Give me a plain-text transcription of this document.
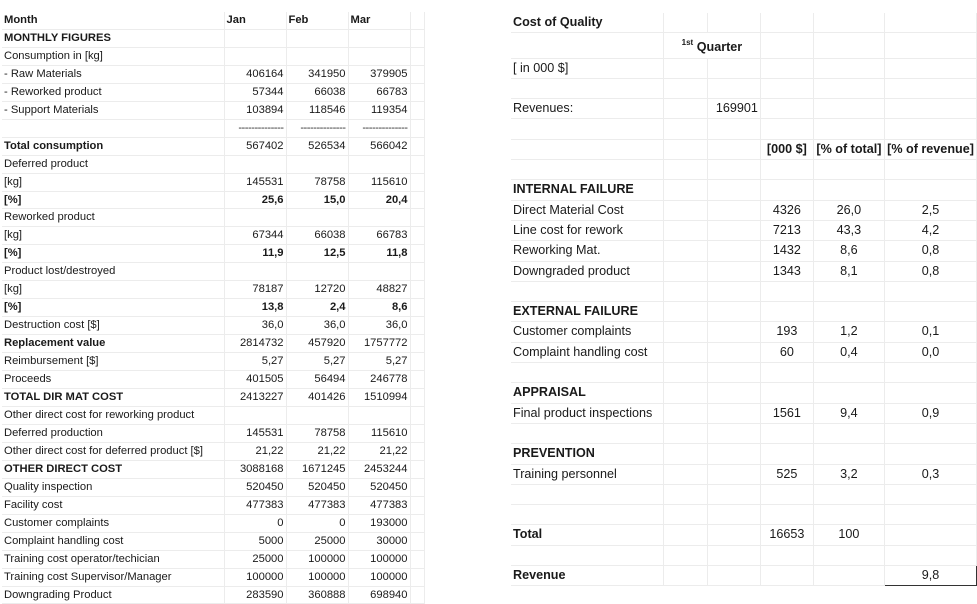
Month	Jan	Feb	Mar	
MONTHLY FIGURES				
Consumption in [kg]				
- Raw Materials	406164	341950	379905	
- Reworked product	57344	66038	66783	
- Support Materials	103894	118546	119354	
	--------------	--------------	--------------	
Total consumption	567402	526534	566042	
Deferred product				
[kg]	145531	78758	115610	
[%]	25,6	15,0	20,4	
Reworked product				
[kg]	67344	66038	66783	
[%]	11,9	12,5	11,8	
Product lost/destroyed				
[kg]	78187	12720	48827	
[%]	13,8	2,4	8,6	
Destruction cost [$]	36,0	36,0	36,0	
Replacement value	2814732	457920	1757772	
Reimbursement [$]	5,27	5,27	5,27	
Proceeds	401505	56494	246778	
TOTAL DIR MAT COST	2413227	401426	1510994	
Other direct cost for reworking product				
Deferred production	145531	78758	115610	
Other direct cost for deferred product [$]	21,22	21,22	21,22	
OTHER DIRECT COST	3088168	1671245	2453244	
Quality inspection	520450	520450	520450	
Facility cost	477383	477383	477383	
Customer complaints	0	0	193000	
Complaint handling cost	5000	25000	30000	
Training cost operator/techician	25000	100000	100000	
Training cost Supervisor/Manager	100000	100000	100000	
Downgrading Product	283590	360888	698940	
Cost of Quality					
	$^{1st}$ Quarter				
[ in 000 $]					

Revenues:		169901			

			[000 $]	[% of total]	[% of revenue]

INTERNAL FAILURE					
Direct Material Cost			4326	26,0	2,5
Line cost for rework			7213	43,3	4,2
Reworking Mat.			1432	8,6	0,8
Downgraded product			1343	8,1	0,8

EXTERNAL FAILURE					
Customer complaints			193	1,2	0,1
Complaint handling cost			60	0,4	0,0

APPRAISAL					
Final product inspections			1561	9,4	0,9

PREVENTION					
Training personnel			525	3,2	0,3

Total			16653	100	

Revenue					9,8
